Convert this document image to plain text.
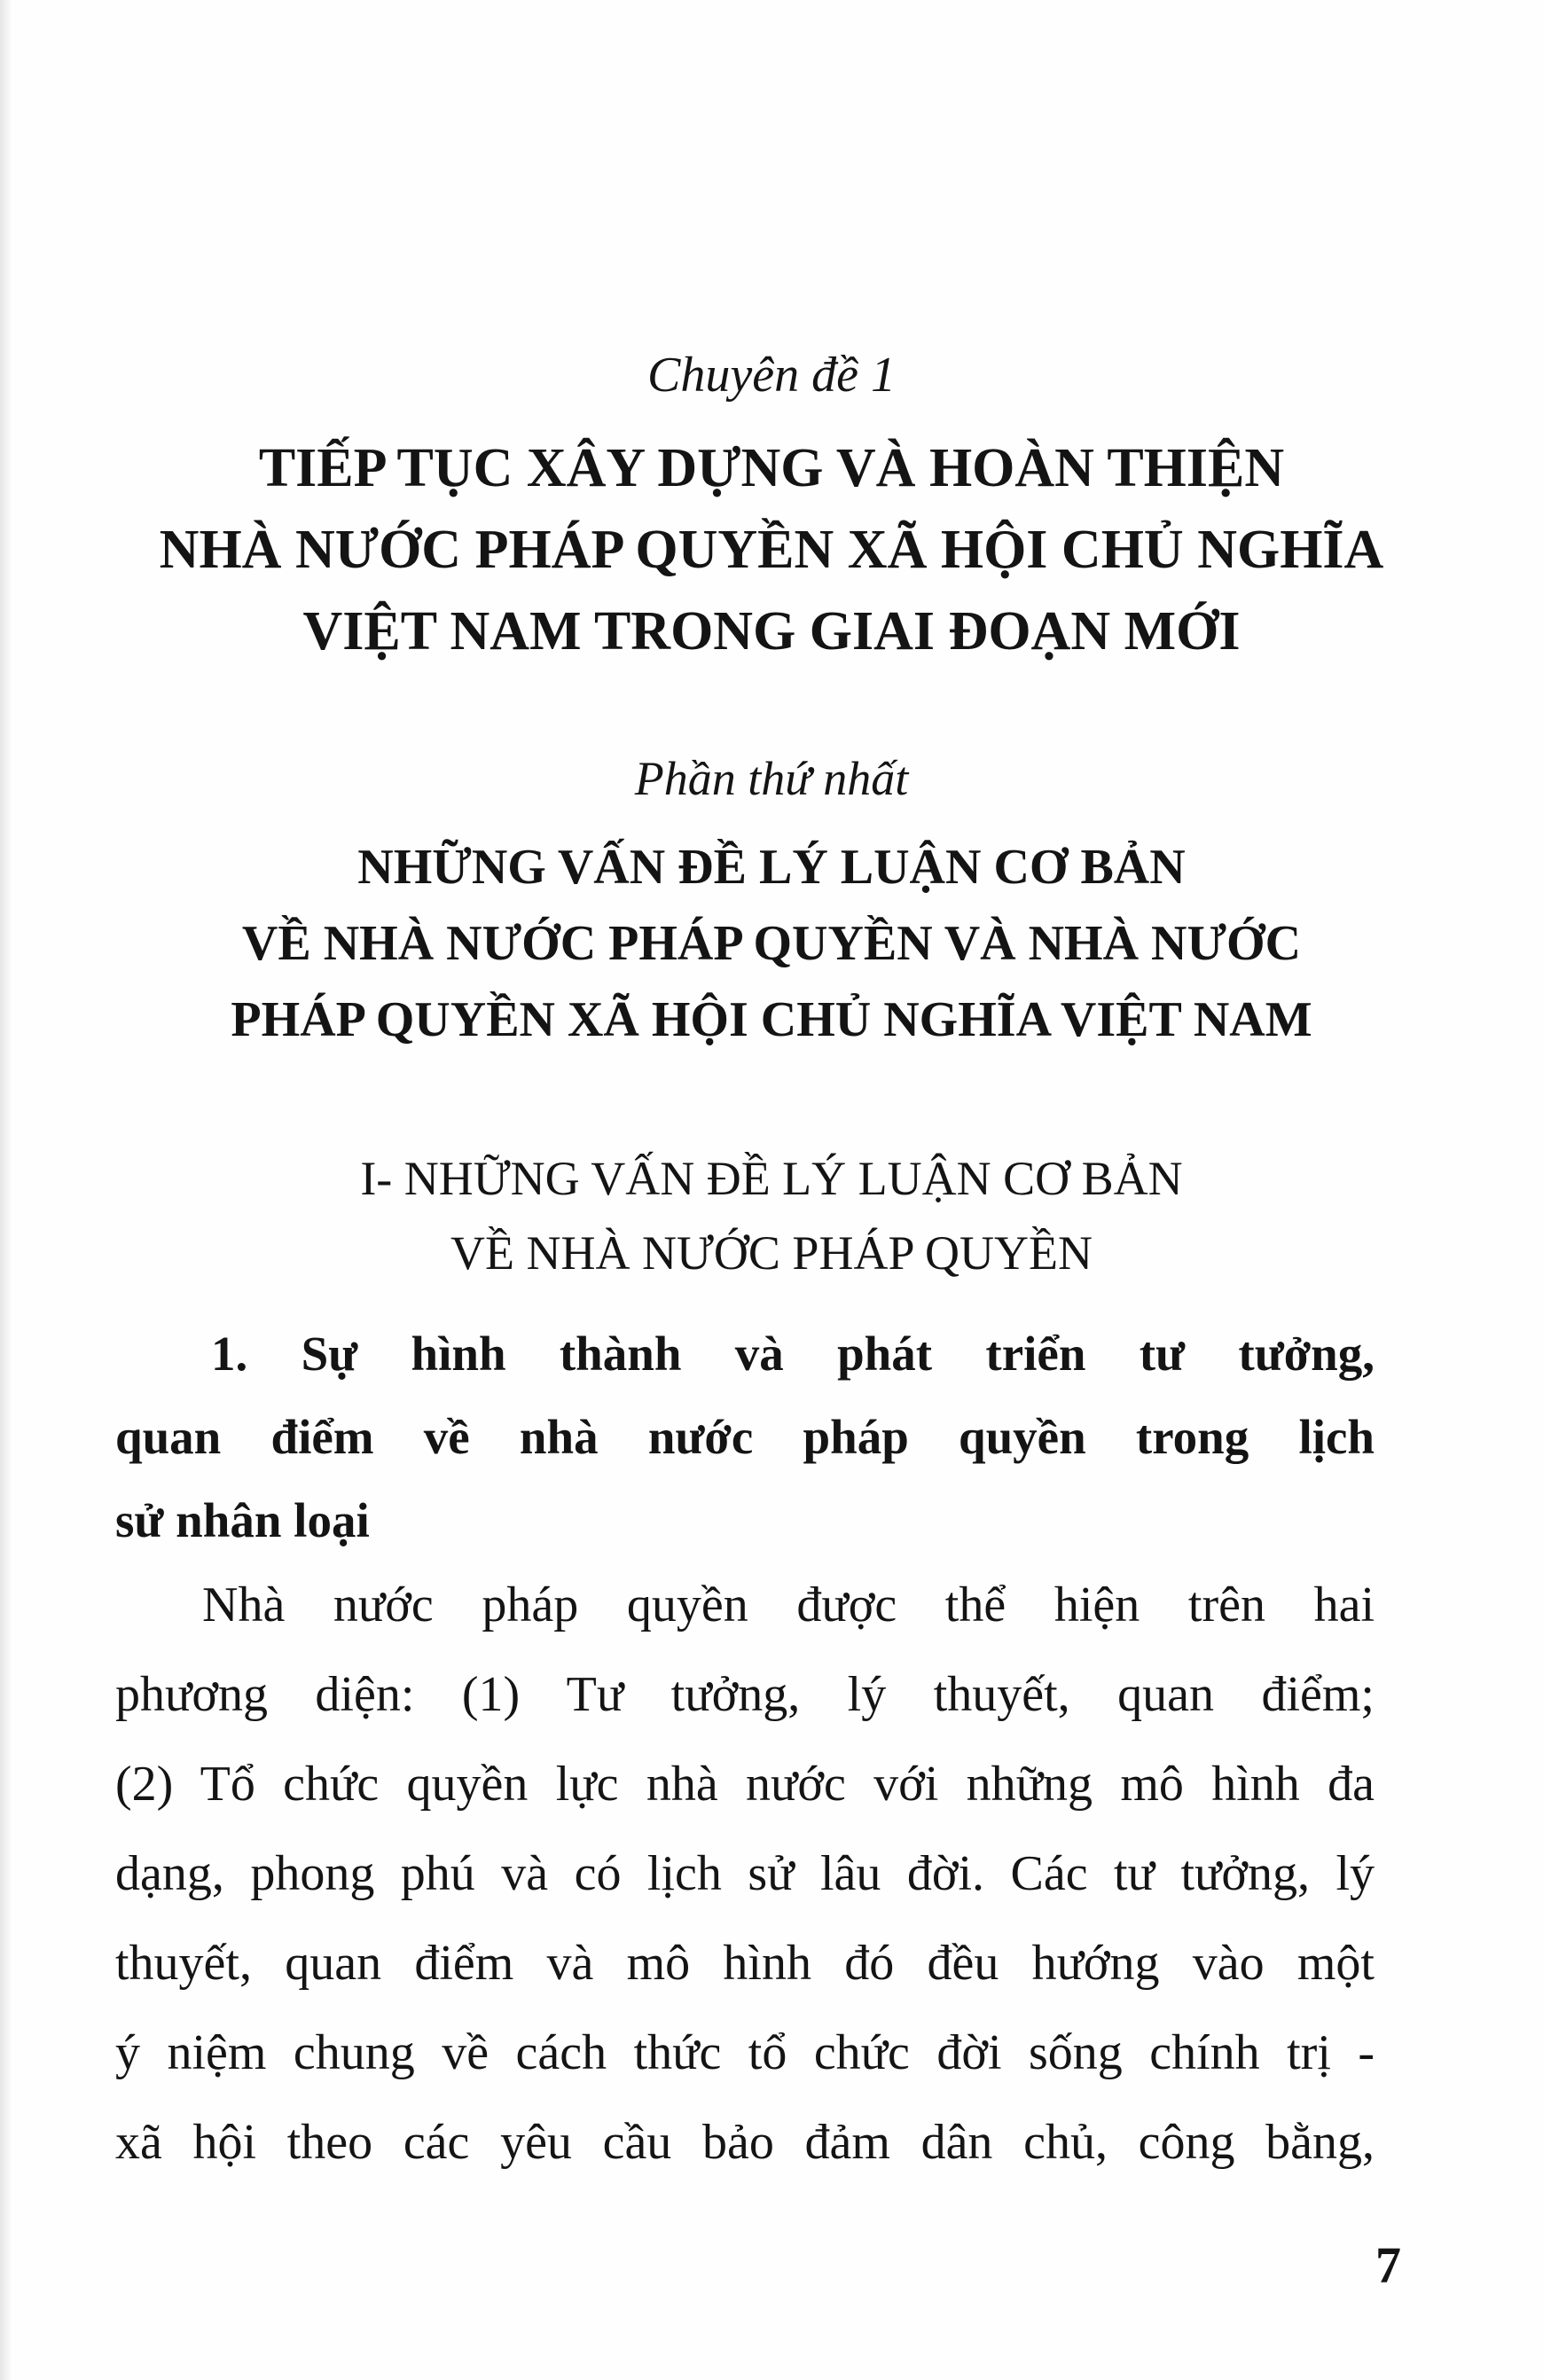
Chuyên đề 1
TIẾP TỤC XÂY DỰNG VÀ HOÀN THIỆN
NHÀ NƯỚC PHÁP QUYỀN XÃ HỘI CHỦ NGHĨA
VIỆT NAM TRONG GIAI ĐOẠN MỚI
Phần thứ nhất
NHỮNG VẤN ĐỀ LÝ LUẬN CƠ BẢN
VỀ NHÀ NƯỚC PHÁP QUYỀN VÀ NHÀ NƯỚC
PHÁP QUYỀN XÃ HỘI CHỦ NGHĨA VIỆT NAM
I- NHỮNG VẤN ĐỀ LÝ LUẬN CƠ BẢN
VỀ NHÀ NƯỚC PHÁP QUYỀN
1. Sự hình thành và phát triển tư tưởng,
quan điểm về nhà nước pháp quyền trong lịch
sử nhân loại

Nhà nước pháp quyền được thể hiện trên hai
phương diện: (1) Tư tưởng, lý thuyết, quan điểm;
(2) Tổ chức quyền lực nhà nước với những mô hình đa
dạng, phong phú và có lịch sử lâu đời. Các tư tưởng, lý
thuyết, quan điểm và mô hình đó đều hướng vào một
ý niệm chung về cách thức tổ chức đời sống chính trị -
xã hội theo các yêu cầu bảo đảm dân chủ, công bằng,

7
